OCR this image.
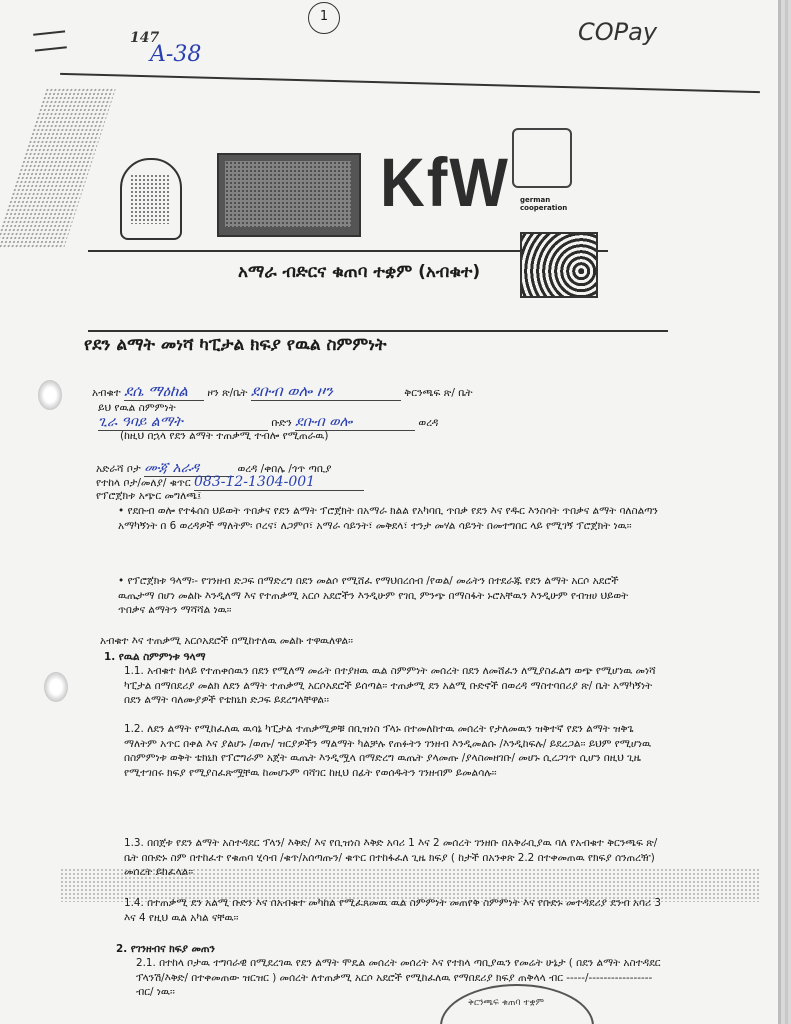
147
A-38
1
COPay
KfW german cooperation
አማራ ብድርና ቁጠባ ተቋም (አብቁተ)
የደን ልማት መነሻ ካፒታል ክፍያ የዉል ስምምነት
አብቁተ ደሴ ማዕከል ዞን ጽ/ቤት ደቡብ ወሎ ዞን	ቅርንጫፍ ጽ/ ቤት
ይህ የዉል ስምምነት
ጊራ ዓባይ ልማት	ቡድን ደቡብ ወሎ	ወረዳ
(ከዚህ በኋላ የደን ልማት ተጠቃሚ ተብሎ የሚጠራዉ)
አድራሻ ቦታ ሙጃ አራዳ	ወረዳ /ቀበሌ /ጎጥ ጣቢያ
የተከላ ቦታ/መለያ/ ቁጥር 083-12-1304-001
የፕሮጀክቱ አጭር መግለጫ፤
• የደቡብ ወሎ የተፋሰስ ህይወት ጥበቃና የደን ልማት ፕሮጀክት በአማራ ክልል የአካባቢ ጥበቃ የደን እና የዱር እንስሳት ጥበቃና ልማት ባለስልጣን አማካኝነት በ 6 ወረዳዎች ማለትም፡ ቦረና፣ ለጋምቦ፣ አማራ ሳይንት፣ መቅደላ፣ ተንታ መሃል ሳይንት በመተግበር ላይ የሚገኝ ፕሮጀክት ነዉ፡፡
• የፕሮጀክቱ ዓላማ፡- የገንዘብ ድጋፍ በማድረግ በደን መልሶ የሚሸፈ የማህበረሰብ /የወል/ መሬትን በተደራጁ የደን ልማት አርሶ አደሮች ዉጤታማ በሆነ መልኩ እንዲለማ እና የተጠቃሚ አርሶ አደሮችን እንዲሁም የገቢ ምንጭ በማስፋት ኑሮአቸዉን እንዲሁም የብዝሀ ህይወት ጥበቃና ልማትን ማሻሻል ነዉ፡፡
አብቁተ እና ተጠቃሚ አርሶአደሮች በሚከተለዉ መልኩ ተዋዉለዋል፡፡
1. የዉል ስምምነቱ ዓላማ
1.1. አብቁተ ከላይ የተጠቀሰዉን በደን የሚለማ መሬት በተያዘዉ ዉል ስምምነት መሰረት በደን ለመሸፈን ለሚያስፈልግ ወጭ የሚሆነዉ መነሻ ካፒታል በማበደሪያ መልክ ለደን ልማት ተጠቃሚ አርሶአደሮች ይሰጣል፡፡ ተጠቃሚ ደን አልሚ ቡድኖች በወረዳ ማስተባበሪያ ጽ/ ቤት አማካኝነት በደን ልማት ባለሙያዎች የቴክኒክ ድጋፍ ይደረግላቸዋል፡፡
1.2. ለደን ልማት የሚከፈለዉ ዉሳኔ ካፒታል ተጠቃሚዎቹ በቢዝነስ ፕላኑ በተመለከተዉ መሰረት የታለመዉን ዝቅተኛ የደን ልማት ዝቅጌ ማለትም አጥር በቀል እና ያልሆኑ /ወጡ/ ዝርያዎችን ማልማት ካልቻሉ የጠፉትን ገንዘብ እንዲመልሱ /እንዲከፍሉ/ ይደረጋል፡፡ ይህም የሚሆነዉ በስምምነቱ ወቅት ቴክኒክ የፕሮግራም አጀት ዉጤት እንዲሟላ በማድረግ ዉጤት ያላመጡ /ያላስመዘገቡ/ መሆኑ ሲረጋገጥ ሲሆን በዚህ ጊዜ የሚተገበሩ ክፍያ የሚያስፈጽሟቸዉ ከመሆኑም ባሻገር ከዚህ በፊት የወሰዱትን ገንዘብም ይመልሳሉ፡፡
1.3. በበጀቱ የደን ልማት አስተዳደር ፕላን/ እቅድ/ እና የቢዝነስ እቅድ አባሪ 1 እና 2 መሰረት ገንዘቡ በአቅራቢያዉ ባለ የአብቁተ ቅርንጫፍ ጽ/ቤት በቡድኑ ስም በተከፈተ የቁጠባ ሂሳብ /ቁጥ/አሰጣጡን/ ቁጥር በተከፋፈለ ጊዜ ክፍያ ( ከታች በአንቀጽ 2.2 በተቀመጠዉ የክፍያ ሰንጠረዥ) መሰረት ይከፈላል፡፡
1.4. በተጠቃሚ ደን አልሚ ቡድን እና በአብቁተ መካከል የሚፈጸመዉ ዉል ስምምነት መጠየቅ ስምምነት እና የቡድኑ መተዳደሪያ ደንብ አባሪ 3 እና 4 የዚህ ዉል አካል ናቸዉ፡፡
2. የገንዘብና ክፍያ መጠን
2.1. በተከላ ቦታዉ ተግባራዊ በሚደረገዉ የደን ልማት ሞዴል መሰረት መሰረት እና የተክላ ጣቢያዉን የመሬት ሁኔታ ( በደን ልማት አስተዳደር ፕላንሽ/እቅድ/ በተቀመጠው ዝርዝር ) መሰረት ለተጠቃሚ አርሶ አደሮች የሚከፈለዉ የማበደሪያ ክፍያ ጠቅላላ ብር -----/----------------- ብር/ ነዉ፡፡
ቅርንጫፍ ቁጠባ ተቋም
